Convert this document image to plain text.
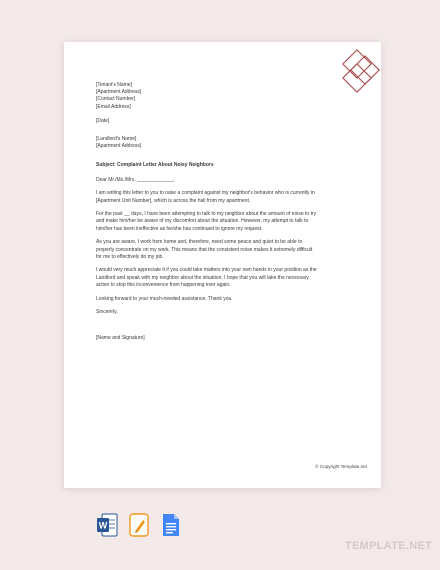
[Tenant's Name]
[Apartment Address]
[Contact Number]
[Email Address]
[Date]
[Landlord's Name]
[Apartment Address]
Subject: Complaint Letter About Noisy Neighbors
Dear Mr./Ms./Mrs. _____________,
I am writing this letter to you to raise a complaint against my neighbor's behavior who is currently in
[Apartment Unit Number], which is across the hall from my apartment.
For the past __ days, I have been attempting to talk to my neighbor about the amount of noise to try
and make him/her be aware of my discomfort about the situation. However, my attempt to talk to
him/her has been ineffective as he/she has continued to ignore my request.
As you are aware, I work from home and, therefore, need some peace and quiet to be able to
properly concentrate on my work. This means that the consistent noise makes it extremely difficult
for me to effectively do my job.
I would very much appreciate it if you could take matters into your own hands in your position as the
Landlord and speak with my neighbor about the situation. I hope that you will take the necessary
action to stop this inconvenience from happening ever again.
Looking forward to your much-needed assistance. Thank you.
Sincerely,
[Name and Signature]
© Copyright Template.net
W
TEMPLATE.NET
